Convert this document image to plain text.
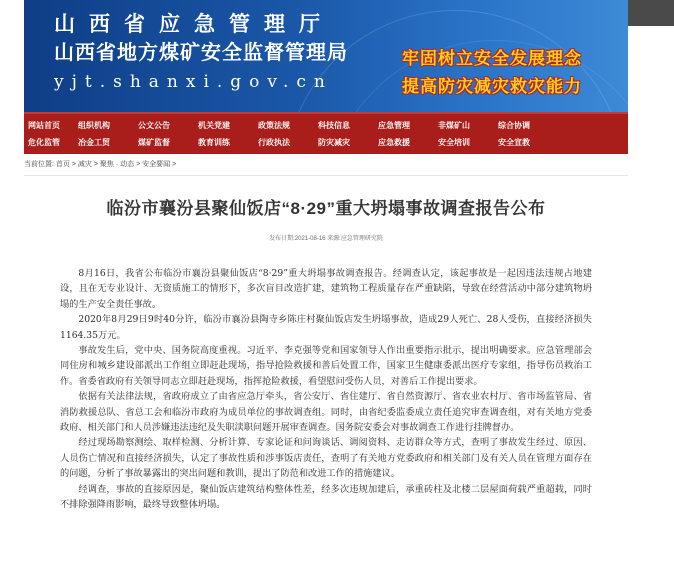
山西省应急管理厅
山西省地方煤矿安全监督管理局
yjt.shanxi.gov.cn
牢固树立安全发展理念
提高防灾减灾救灾能力
网站首页	组织机构	公文公告	机关党建	政策法规	科技信息	应急管理	非煤矿山	综合协调
危化监管	冶金工贸	煤矿监督	教育训练	行政执法	防灾减灾	应急救援	安全培训	安全宣教
当前位置: 首页 > 减灾 > 聚焦 · 动态 > 安全要闻 >
临汾市襄汾县聚仙饭店“8·29”重大坍塌事故调查报告公布
发布日期:2021-08-16 来源:应急管理研究院

8月16日，我省公布临汾市襄汾县聚仙饭店“8·29”重大坍塌事故调查报告。经调查认定，该起事故是一起因违法违规占地建设，且在无专业设计、无资质施工的情形下，多次盲目改造扩建，建筑物工程质量存在严重缺陷，导致在经营活动中部分建筑物坍塌的生产安全责任事故。

2020年8月29日9时40分许，临汾市襄汾县陶寺乡陈庄村聚仙饭店发生坍塌事故，造成29人死亡、28人受伤，直接经济损失1164.35万元。

事故发生后，党中央、国务院高度重视。习近平、李克强等党和国家领导人作出重要指示批示，提出明确要求。应急管理部会同住房和城乡建设部派出工作组立即赶赴现场，指导抢险救援和善后处置工作，国家卫生健康委派出医疗专家组，指导伤员救治工作。省委省政府有关领导同志立即赶赴现场，指挥抢险救援，看望慰问受伤人员，对善后工作提出要求。

依据有关法律法规，省政府成立了由省应急厅牵头，省公安厅、省住建厅、省自然资源厅、省农业农村厅、省市场监管局、省消防救援总队、省总工会和临汾市政府为成员单位的事故调查组。同时，由省纪委监委成立责任追究审查调查组，对有关地方党委政府、相关部门和人员涉嫌违法违纪及失职渎职问题开展审查调查。国务院安委会对事故调查工作进行挂牌督办。

经过现场勘察测绘、取样检测、分析计算、专家论证和问询谈话、调阅资料、走访群众等方式，查明了事故发生经过、原因、人员伤亡情况和直接经济损失，认定了事故性质和涉事饭店责任，查明了有关地方党委政府和相关部门及有关人员在管理方面存在的问题，分析了事故暴露出的突出问题和教训，提出了防范和改进工作的措施建议。

经调查，事故的直接原因是，聚仙饭店建筑结构整体性差，经多次违规加建后，承重砖柱及北楼二层屋面荷载严重超载，同时不排除强降雨影响，最终导致整体坍塌。
